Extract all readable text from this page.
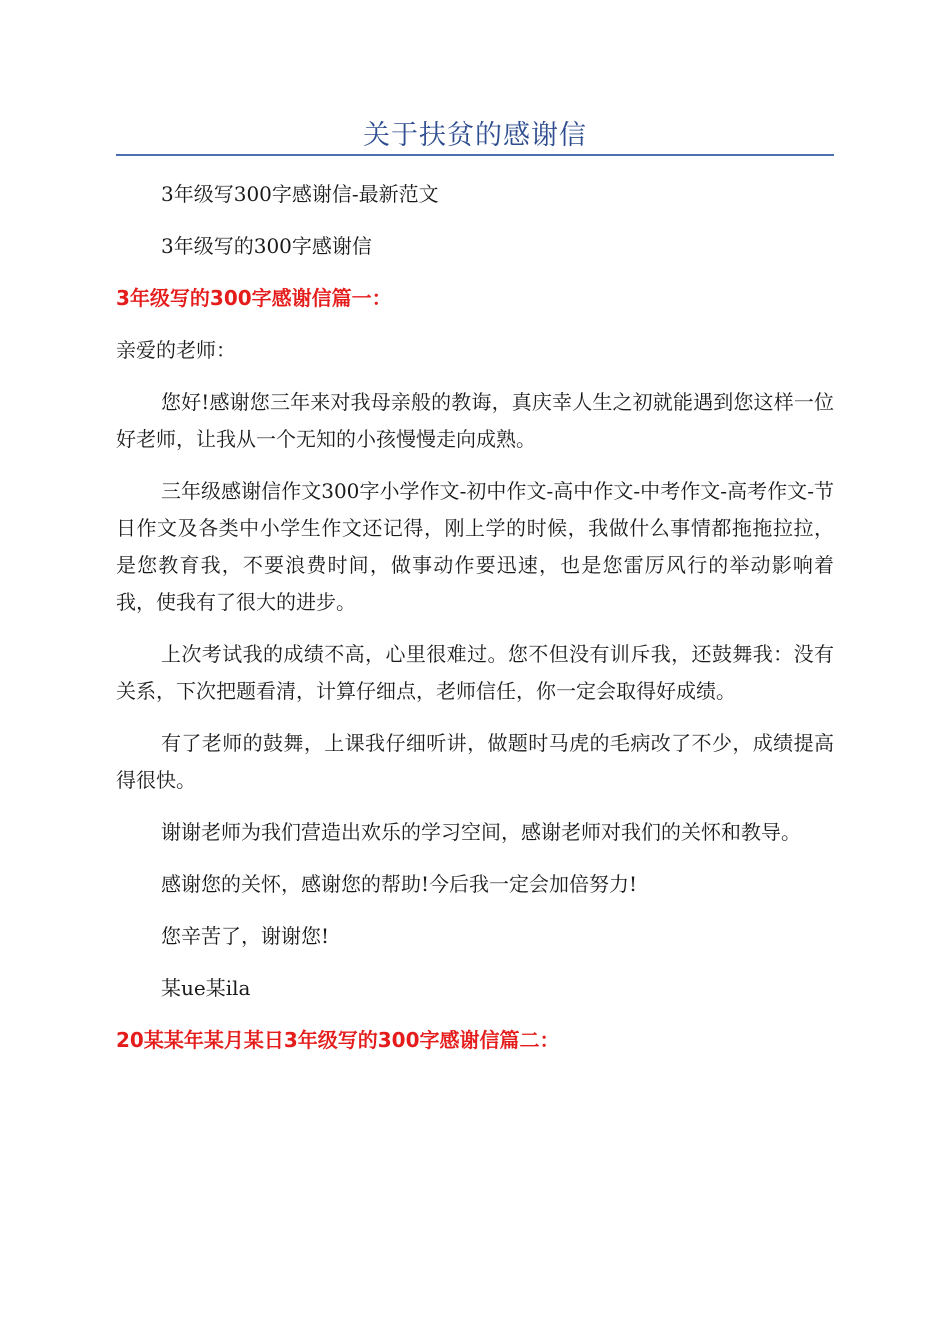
关于扶贫的感谢信

3年级写300字感谢信-最新范文

3年级写的300字感谢信

3年级写的300字感谢信篇一：

亲爱的老师：

您好!感谢您三年来对我母亲般的教诲，真庆幸人生之初就能遇到您这样一位好老师，让我从一个无知的小孩慢慢走向成熟。

三年级感谢信作文300字小学作文-初中作文-高中作文-中考作文-高考作文-节日作文及各类中小学生作文还记得，刚上学的时候，我做什么事情都拖拖拉拉，是您教育我，不要浪费时间，做事动作要迅速，也是您雷厉风行的举动影响着我，使我有了很大的进步。

上次考试我的成绩不高，心里很难过。您不但没有训斥我，还鼓舞我：没有关系，下次把题看清，计算仔细点，老师信任，你一定会取得好成绩。

有了老师的鼓舞，上课我仔细听讲，做题时马虎的毛病改了不少，成绩提高得很快。

谢谢老师为我们营造出欢乐的学习空间，感谢老师对我们的关怀和教导。

感谢您的关怀，感谢您的帮助!今后我一定会加倍努力!

您辛苦了，谢谢您!

某ue某ila

20某某年某月某日3年级写的300字感谢信篇二：
